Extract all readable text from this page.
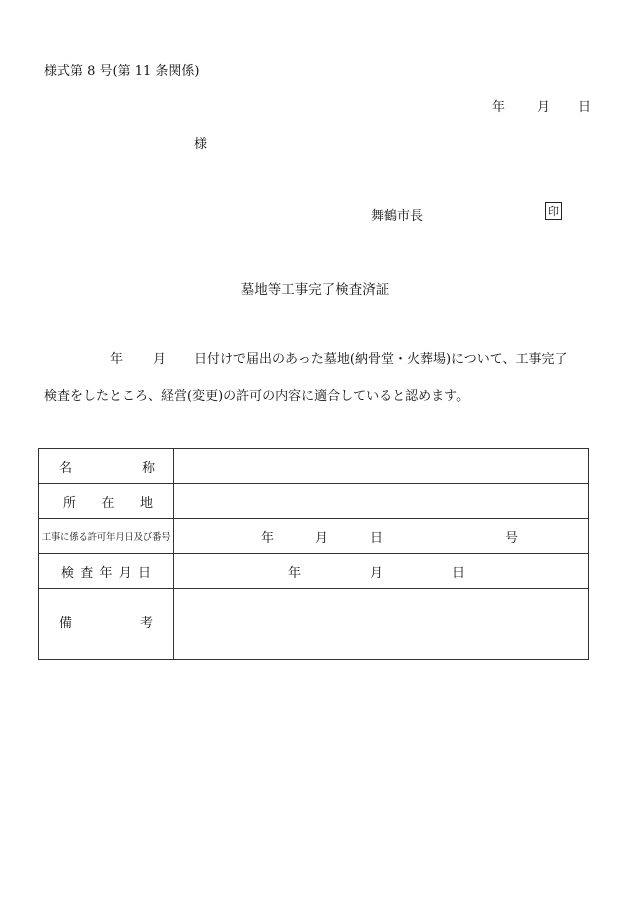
様式第 8 号(第 11 条関係)
年 月 日
様
舞鶴市長	印
墓地等工事完了検査済証
年 月 日付けで届出のあった墓地(納骨堂・火葬場)について、工事完了
検査をしたところ、経営(変更)の許可の内容に適合していると認めます。
名 称	

所 在 地	

工事に係る許可年月日及び番号	年 月 日 号

検 査 年 月 日	年 月 日

備 考	
